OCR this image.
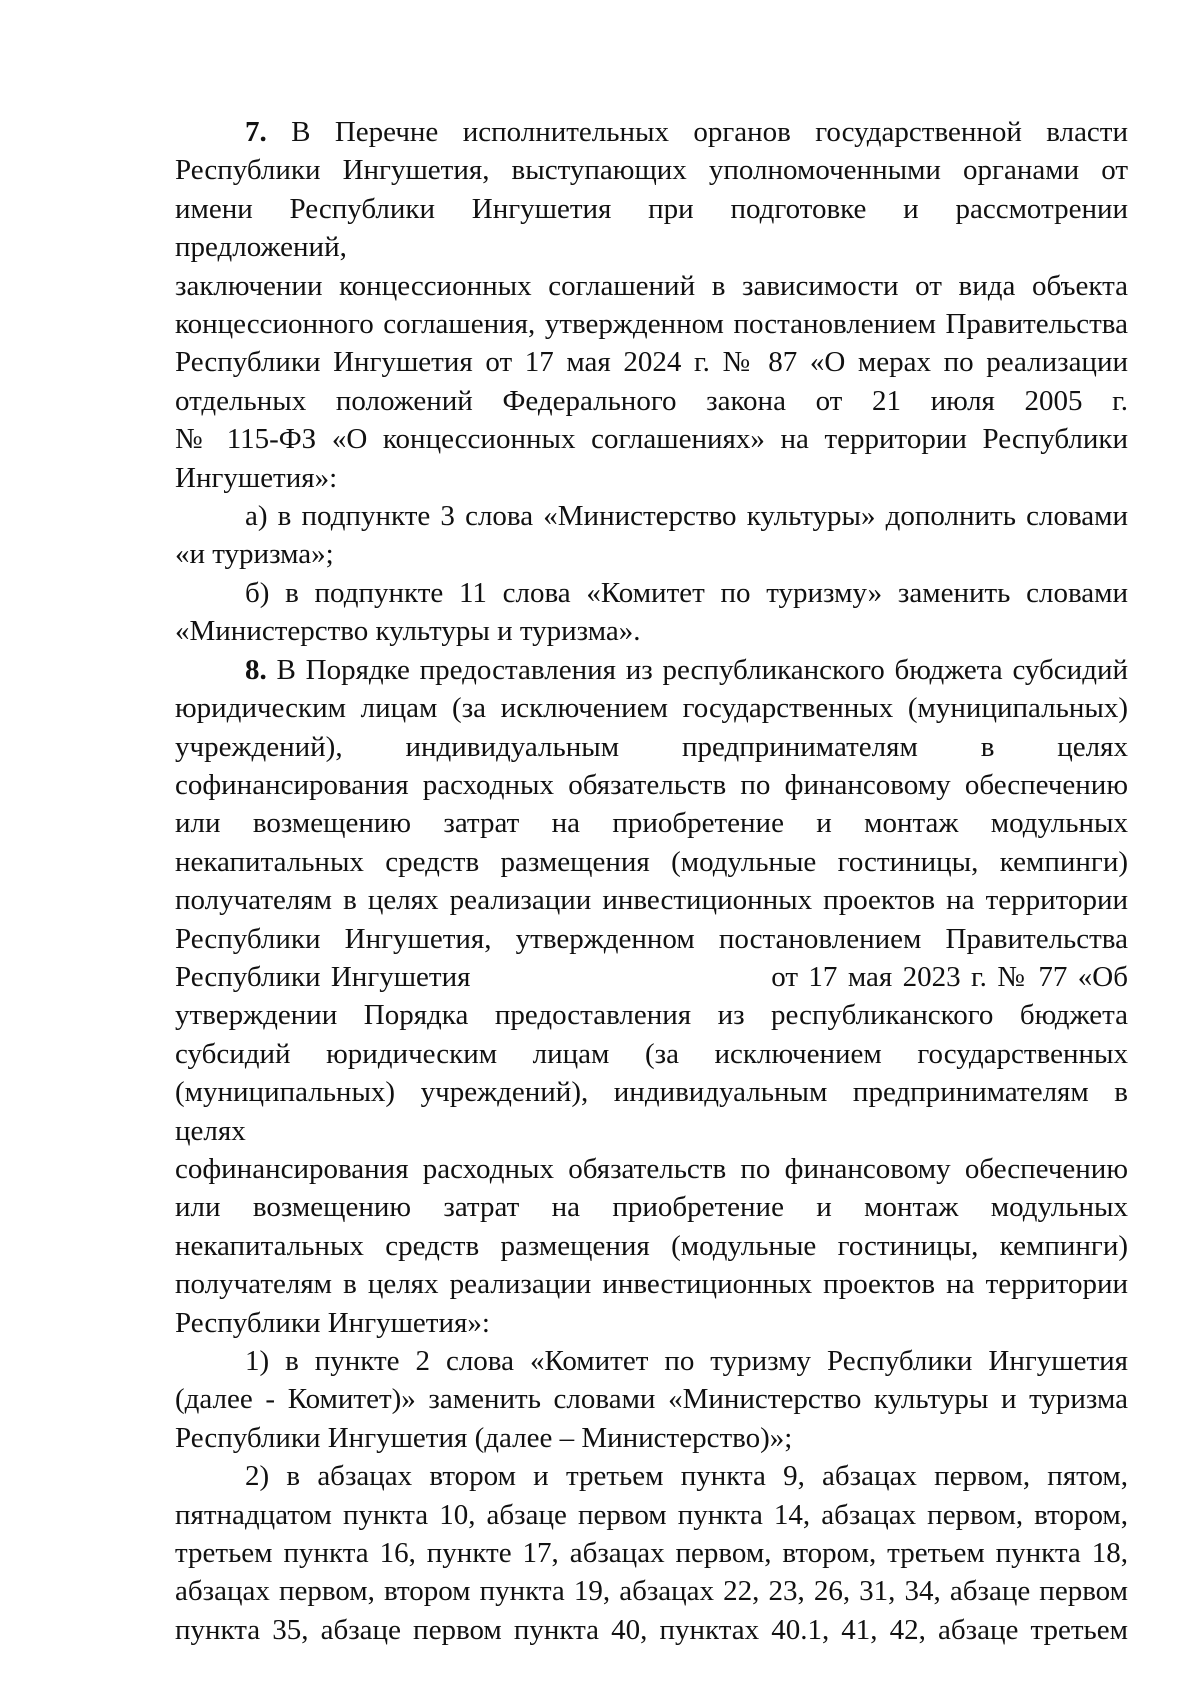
7. В Перечне исполнительных органов государственной власти
Республики Ингушетия, выступающих уполномоченными органами от
имени Республики Ингушетия при подготовке и рассмотрении предложений,
заключении концессионных соглашений в зависимости от вида объекта
концессионного соглашения, утвержденном постановлением Правительства
Республики Ингушетия от 17 мая 2024 г. № 87 «О мерах по реализации
отдельных положений Федерального закона от 21 июля 2005 г.
№ 115-ФЗ «О концессионных соглашениях» на территории Республики
Ингушетия»:
а) в подпункте 3 слова «Министерство культуры» дополнить словами
«и туризма»;
б) в подпункте 11 слова «Комитет по туризму» заменить словами
«Министерство культуры и туризма».
8. В Порядке предоставления из республиканского бюджета субсидий
юридическим лицам (за исключением государственных (муниципальных)
учреждений), индивидуальным предпринимателям в целях
софинансирования расходных обязательств по финансовому обеспечению
или возмещению затрат на приобретение и монтаж модульных
некапитальных средств размещения (модульные гостиницы, кемпинги)
получателям в целях реализации инвестиционных проектов на территории
Республики Ингушетия, утвержденном постановлением Правительства
Республики Ингушетия	от 17 мая 2023 г. № 77 «Об
утверждении Порядка предоставления из республиканского бюджета
субсидий юридическим лицам (за исключением государственных
(муниципальных) учреждений), индивидуальным предпринимателям в целях
софинансирования расходных обязательств по финансовому обеспечению
или возмещению затрат на приобретение и монтаж модульных
некапитальных средств размещения (модульные гостиницы, кемпинги)
получателям в целях реализации инвестиционных проектов на территории
Республики Ингушетия»:
1) в пункте 2 слова «Комитет по туризму Республики Ингушетия
(далее - Комитет)» заменить словами «Министерство культуры и туризма
Республики Ингушетия (далее – Министерство)»;
2) в абзацах втором и третьем пункта 9, абзацах первом, пятом,
пятнадцатом пункта 10, абзаце первом пункта 14, абзацах первом, втором,
третьем пункта 16, пункте 17, абзацах первом, втором, третьем пункта 18,
абзацах первом, втором пункта 19, абзацах 22, 23, 26, 31, 34, абзаце первом
пункта 35, абзаце первом пункта 40, пунктах 40.1, 41, 42, абзаце третьем
